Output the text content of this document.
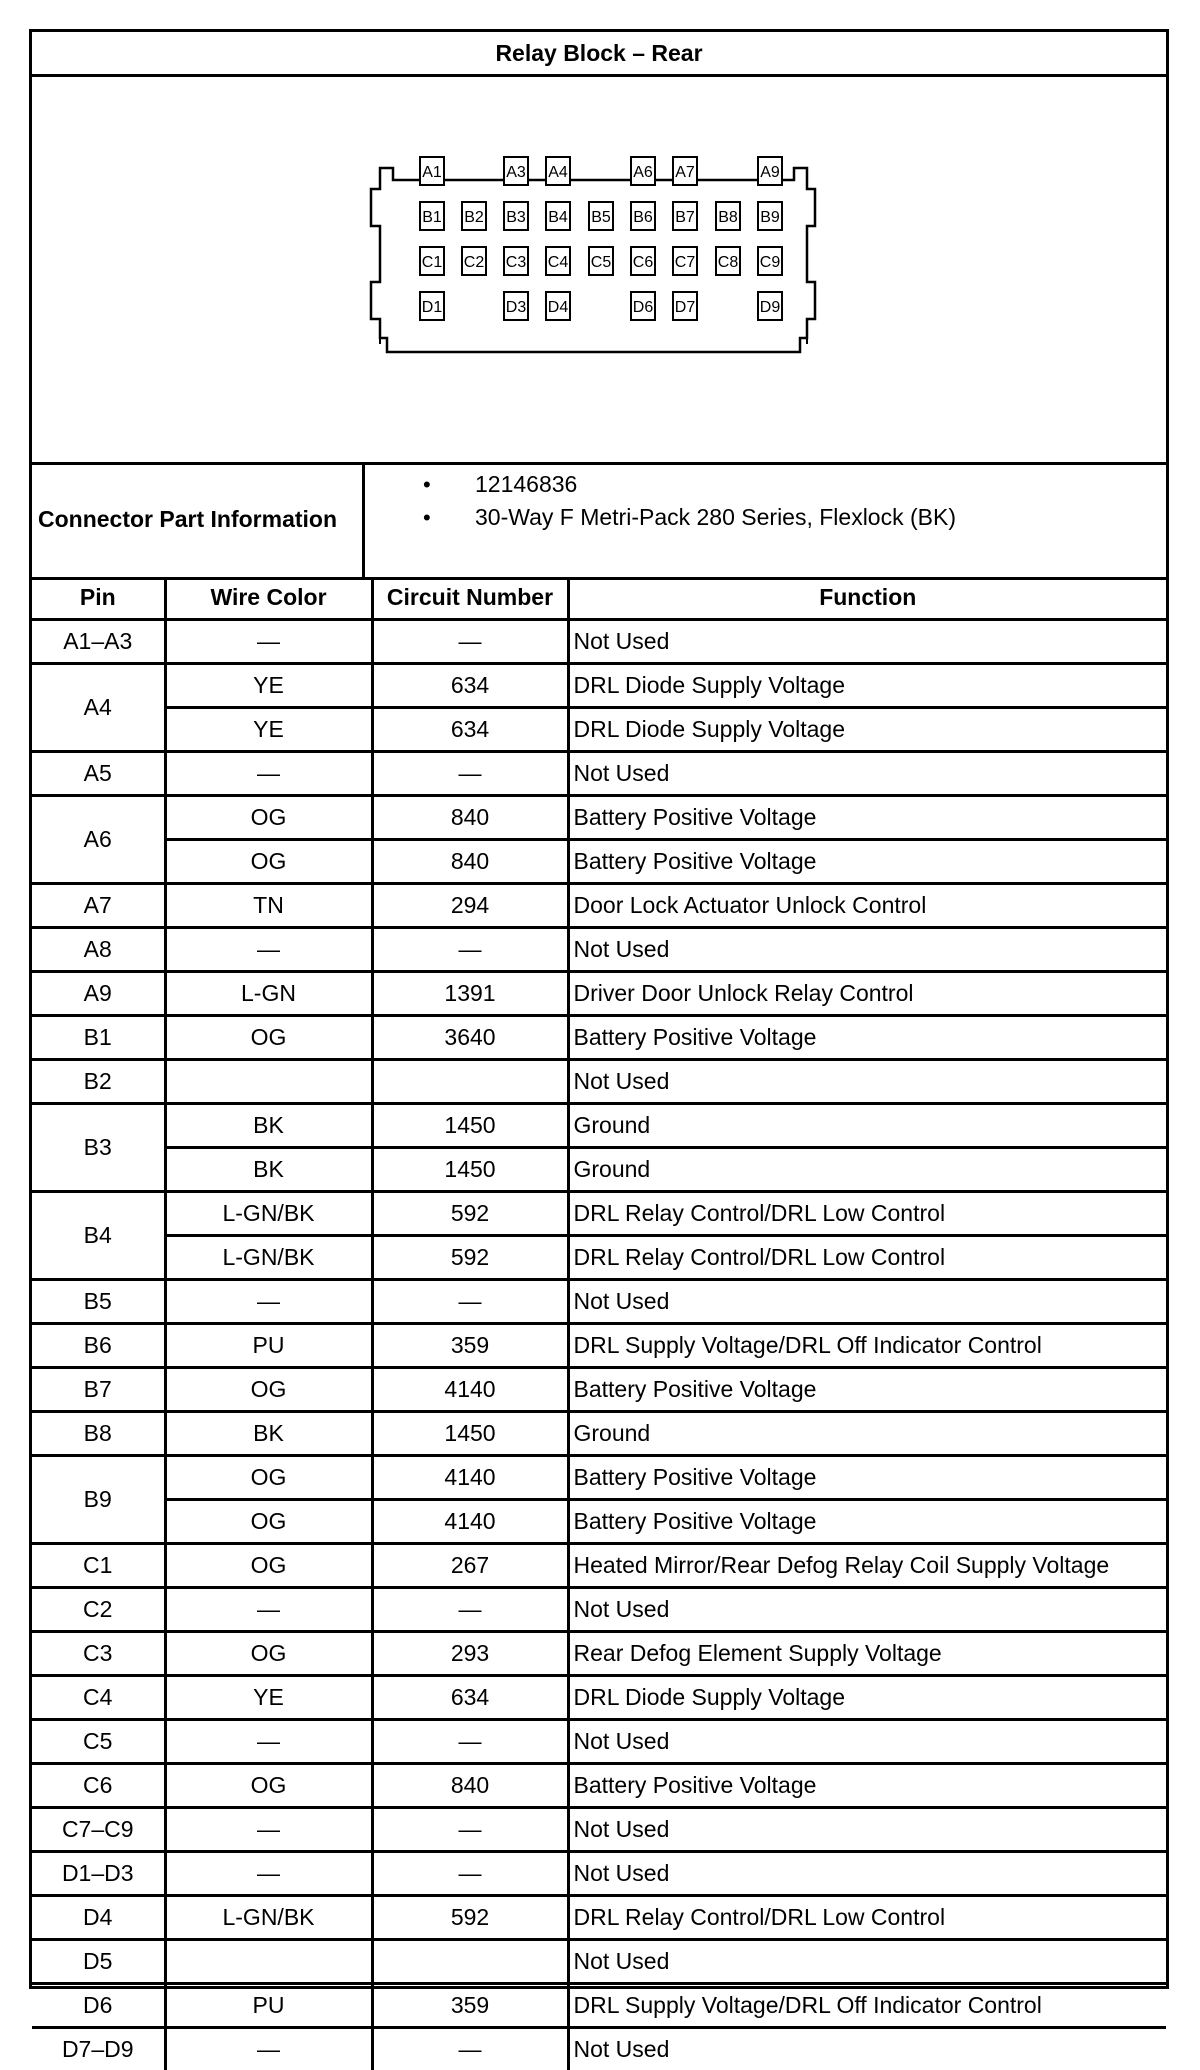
Relay Block – Rear
A1	A3 A4	A6 A7	A9
B1 B2 B3 B4 B5 B6 B7 B8 B9
C1 C2 C3 C4 C5 C6 C7 C8 C9
D1	D3 D4	D6 D7	D9
Connector Part Information
• 12146836
• 30-Way F Metri-Pack 280 Series, Flexlock (BK)
Pin	Wire Color	Circuit Number	Function
A1–A3	—	—	Not Used
A4	YE	634	DRL Diode Supply Voltage
	YE	634	DRL Diode Supply Voltage
A5	—	—	Not Used
A6	OG	840	Battery Positive Voltage
	OG	840	Battery Positive Voltage
A7	TN	294	Door Lock Actuator Unlock Control
A8	—	—	Not Used
A9	L-GN	1391	Driver Door Unlock Relay Control
B1	OG	3640	Battery Positive Voltage
B2			Not Used
B3	BK	1450	Ground
	BK	1450	Ground
B4	L-GN/BK	592	DRL Relay Control/DRL Low Control
	L-GN/BK	592	DRL Relay Control/DRL Low Control
B5	—	—	Not Used
B6	PU	359	DRL Supply Voltage/DRL Off Indicator Control
B7	OG	4140	Battery Positive Voltage
B8	BK	1450	Ground
B9	OG	4140	Battery Positive Voltage
	OG	4140	Battery Positive Voltage
C1	OG	267	Heated Mirror/Rear Defog Relay Coil Supply Voltage
C2	—	—	Not Used
C3	OG	293	Rear Defog Element Supply Voltage
C4	YE	634	DRL Diode Supply Voltage
C5	—	—	Not Used
C6	OG	840	Battery Positive Voltage
C7–C9	—	—	Not Used
D1–D3	—	—	Not Used
D4	L-GN/BK	592	DRL Relay Control/DRL Low Control
D5			Not Used
D6	PU	359	DRL Supply Voltage/DRL Off Indicator Control
D7–D9	—	—	Not Used
